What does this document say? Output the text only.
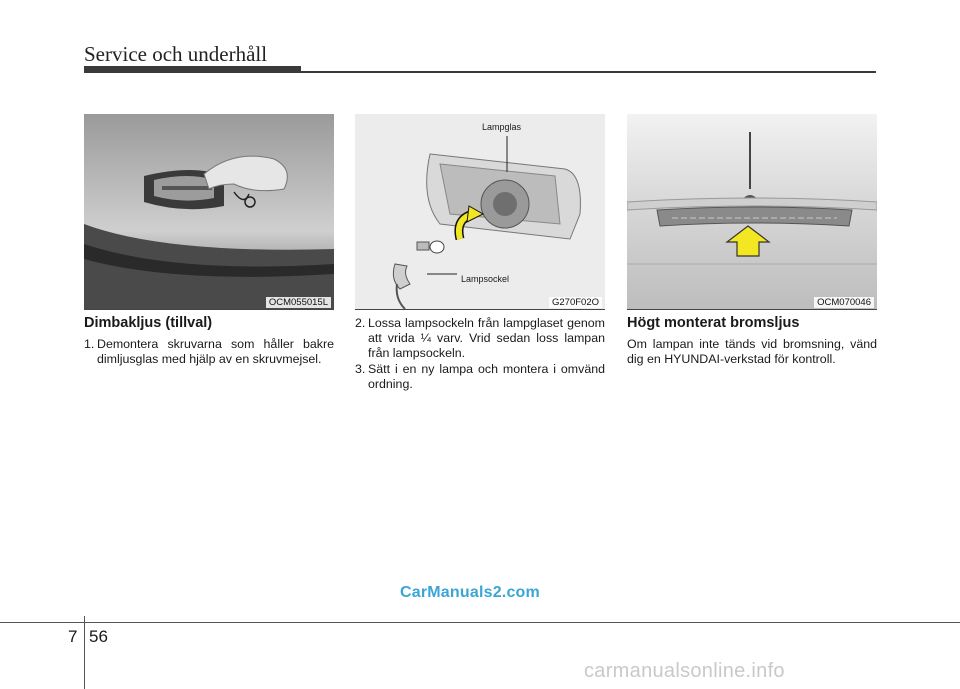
Service och underhåll
OCM055015L
Lampglas
Lampsockel
G270F02O	OCM070046
Dimbakljus (tillval)
1. Demontera skruvarna som håller bakre dimljusglas med hjälp av en skruvmejsel.
2. Lossa lampsockeln från lampglaset genom att vrida ¼ varv. Vrid sedan loss lampan från lampsockeln.
3. Sätt i en ny lampa och montera i omvänd ordning.
Högt monterat bromsljus
Om lampan inte tänds vid bromsning, vänd dig en HYUNDAI-verkstad för kontroll.
CarManuals2.com
7 56
carmanualsonline.info
